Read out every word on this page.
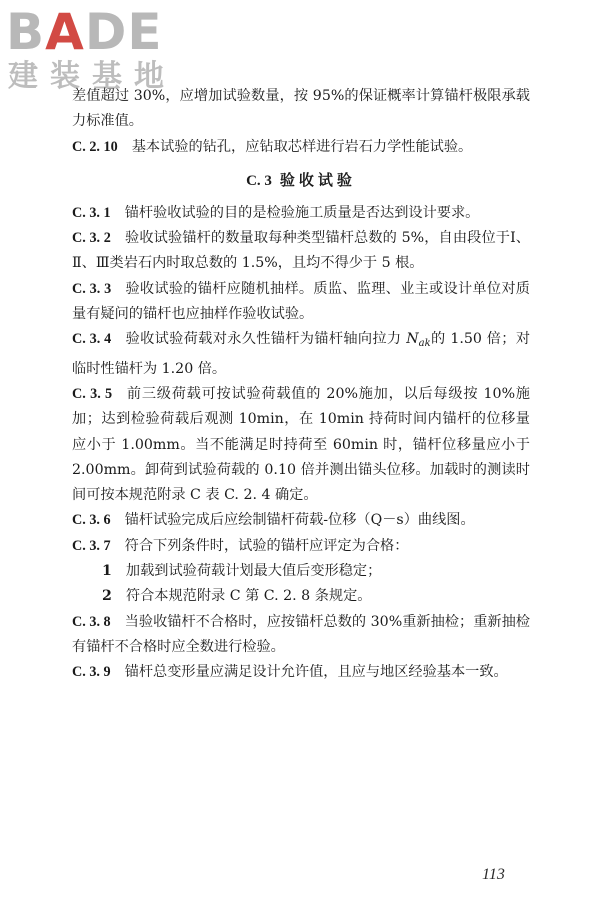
BADE
建装基地

差值超过 30%，应增加试验数量，按 95%的保证概率计算锚杆极限承载力标准值。

C. 2. 10 基本试验的钻孔，应钻取芯样进行岩石力学性能试验。

C. 3 验收试验

C. 3. 1 锚杆验收试验的目的是检验施工质量是否达到设计要求。

C. 3. 2 验收试验锚杆的数量取每种类型锚杆总数的 5%，自由段位于Ⅰ、Ⅱ、Ⅲ类岩石内时取总数的 1.5%，且均不得少于 5 根。

C. 3. 3 验收试验的锚杆应随机抽样。质监、监理、业主或设计单位对质量有疑问的锚杆也应抽样作验收试验。

C. 3. 4 验收试验荷载对永久性锚杆为锚杆轴向拉力 $N_{ak}$的 1.50 倍；对临时性锚杆为 1.20 倍。

C. 3. 5 前三级荷载可按试验荷载值的 20%施加，以后每级按 10%施加；达到检验荷载后观测 10min，在 10min 持荷时间内锚杆的位移量应小于 1.00mm。当不能满足时持荷至 60min 时，锚杆位移量应小于 2.00mm。卸荷到试验荷载的 0.10 倍并测出锚头位移。加载时的测读时间可按本规范附录 C 表 C. 2. 4 确定。

C. 3. 6 锚杆试验完成后应绘制锚杆荷载-位移（Q－s）曲线图。

C. 3. 7 符合下列条件时，试验的锚杆应评定为合格：

1 加载到试验荷载计划最大值后变形稳定；

2 符合本规范附录 C 第 C. 2. 8 条规定。

C. 3. 8 当验收锚杆不合格时，应按锚杆总数的 30%重新抽检；重新抽检有锚杆不合格时应全数进行检验。

C. 3. 9 锚杆总变形量应满足设计允许值，且应与地区经验基本一致。

113
